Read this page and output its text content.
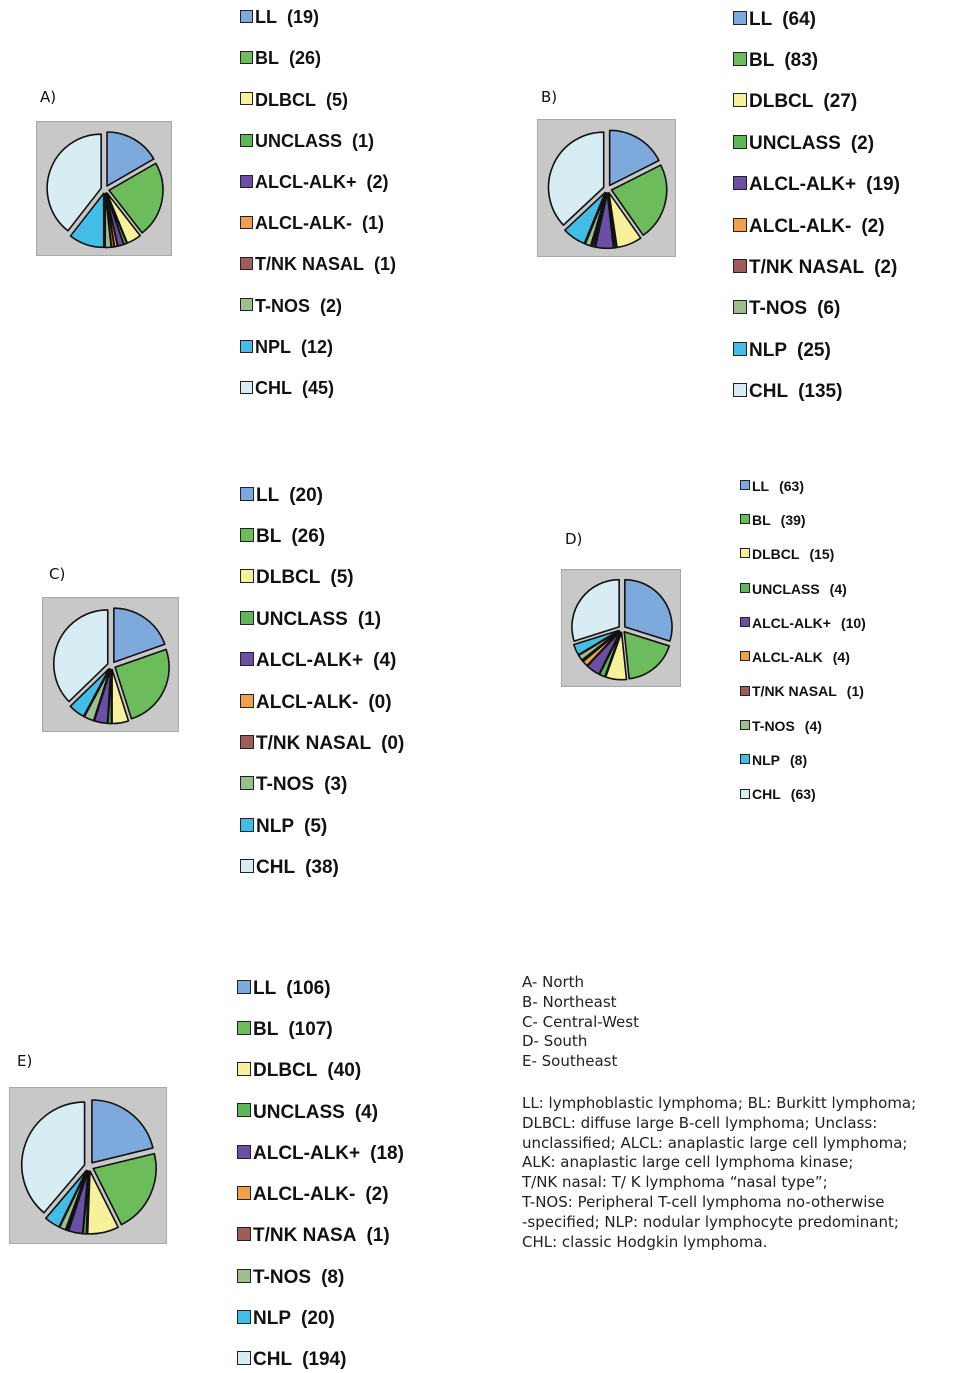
A)	B)
C)
D)
E)
LL (19)
BL (26)
DLBCL (5)
UNCLASS (1)
ALCL-ALK+ (2)
ALCL-ALK- (1)
T/NK NASAL (1)
T-NOS (2)
NPL (12)
CHL (45)
LL (64)
BL (83)
DLBCL (27)
UNCLASS (2)
ALCL-ALK+ (19)
ALCL-ALK- (2)
T/NK NASAL (2)
T-NOS (6)
NLP (25)
CHL (135)
LL (20)
BL (26)
DLBCL (5)
UNCLASS (1)
ALCL-ALK+ (4)
ALCL-ALK- (0)
T/NK NASAL (0)
T-NOS (3)
NLP (5)
CHL (38)
LL (63)
BL (39)
DLBCL (15)
UNCLASS (4)
ALCL-ALK+ (10)
ALCL-ALK (4)
T/NK NASAL (1)
T-NOS (4)
NLP (8)
CHL (63)
LL (106)
BL (107)
DLBCL (40)
UNCLASS (4)
ALCL-ALK+ (18)
ALCL-ALK- (2)
T/NK NASA (1)
T-NOS (8)
NLP (20)
CHL (194)
A- North
B- Northeast
C- Central-West
D- South
E- Southeast
LL: lymphoblastic lymphoma; BL: Burkitt lymphoma;
DLBCL: diffuse large B-cell lymphoma; Unclass:
unclassified; ALCL: anaplastic large cell lymphoma;
ALK: anaplastic large cell lymphoma kinase;
T/NK nasal: T/ K lymphoma “nasal type”;
T-NOS: Peripheral T-cell lymphoma no-otherwise
-specified; NLP: nodular lymphocyte predominant;
CHL: classic Hodgkin lymphoma.
